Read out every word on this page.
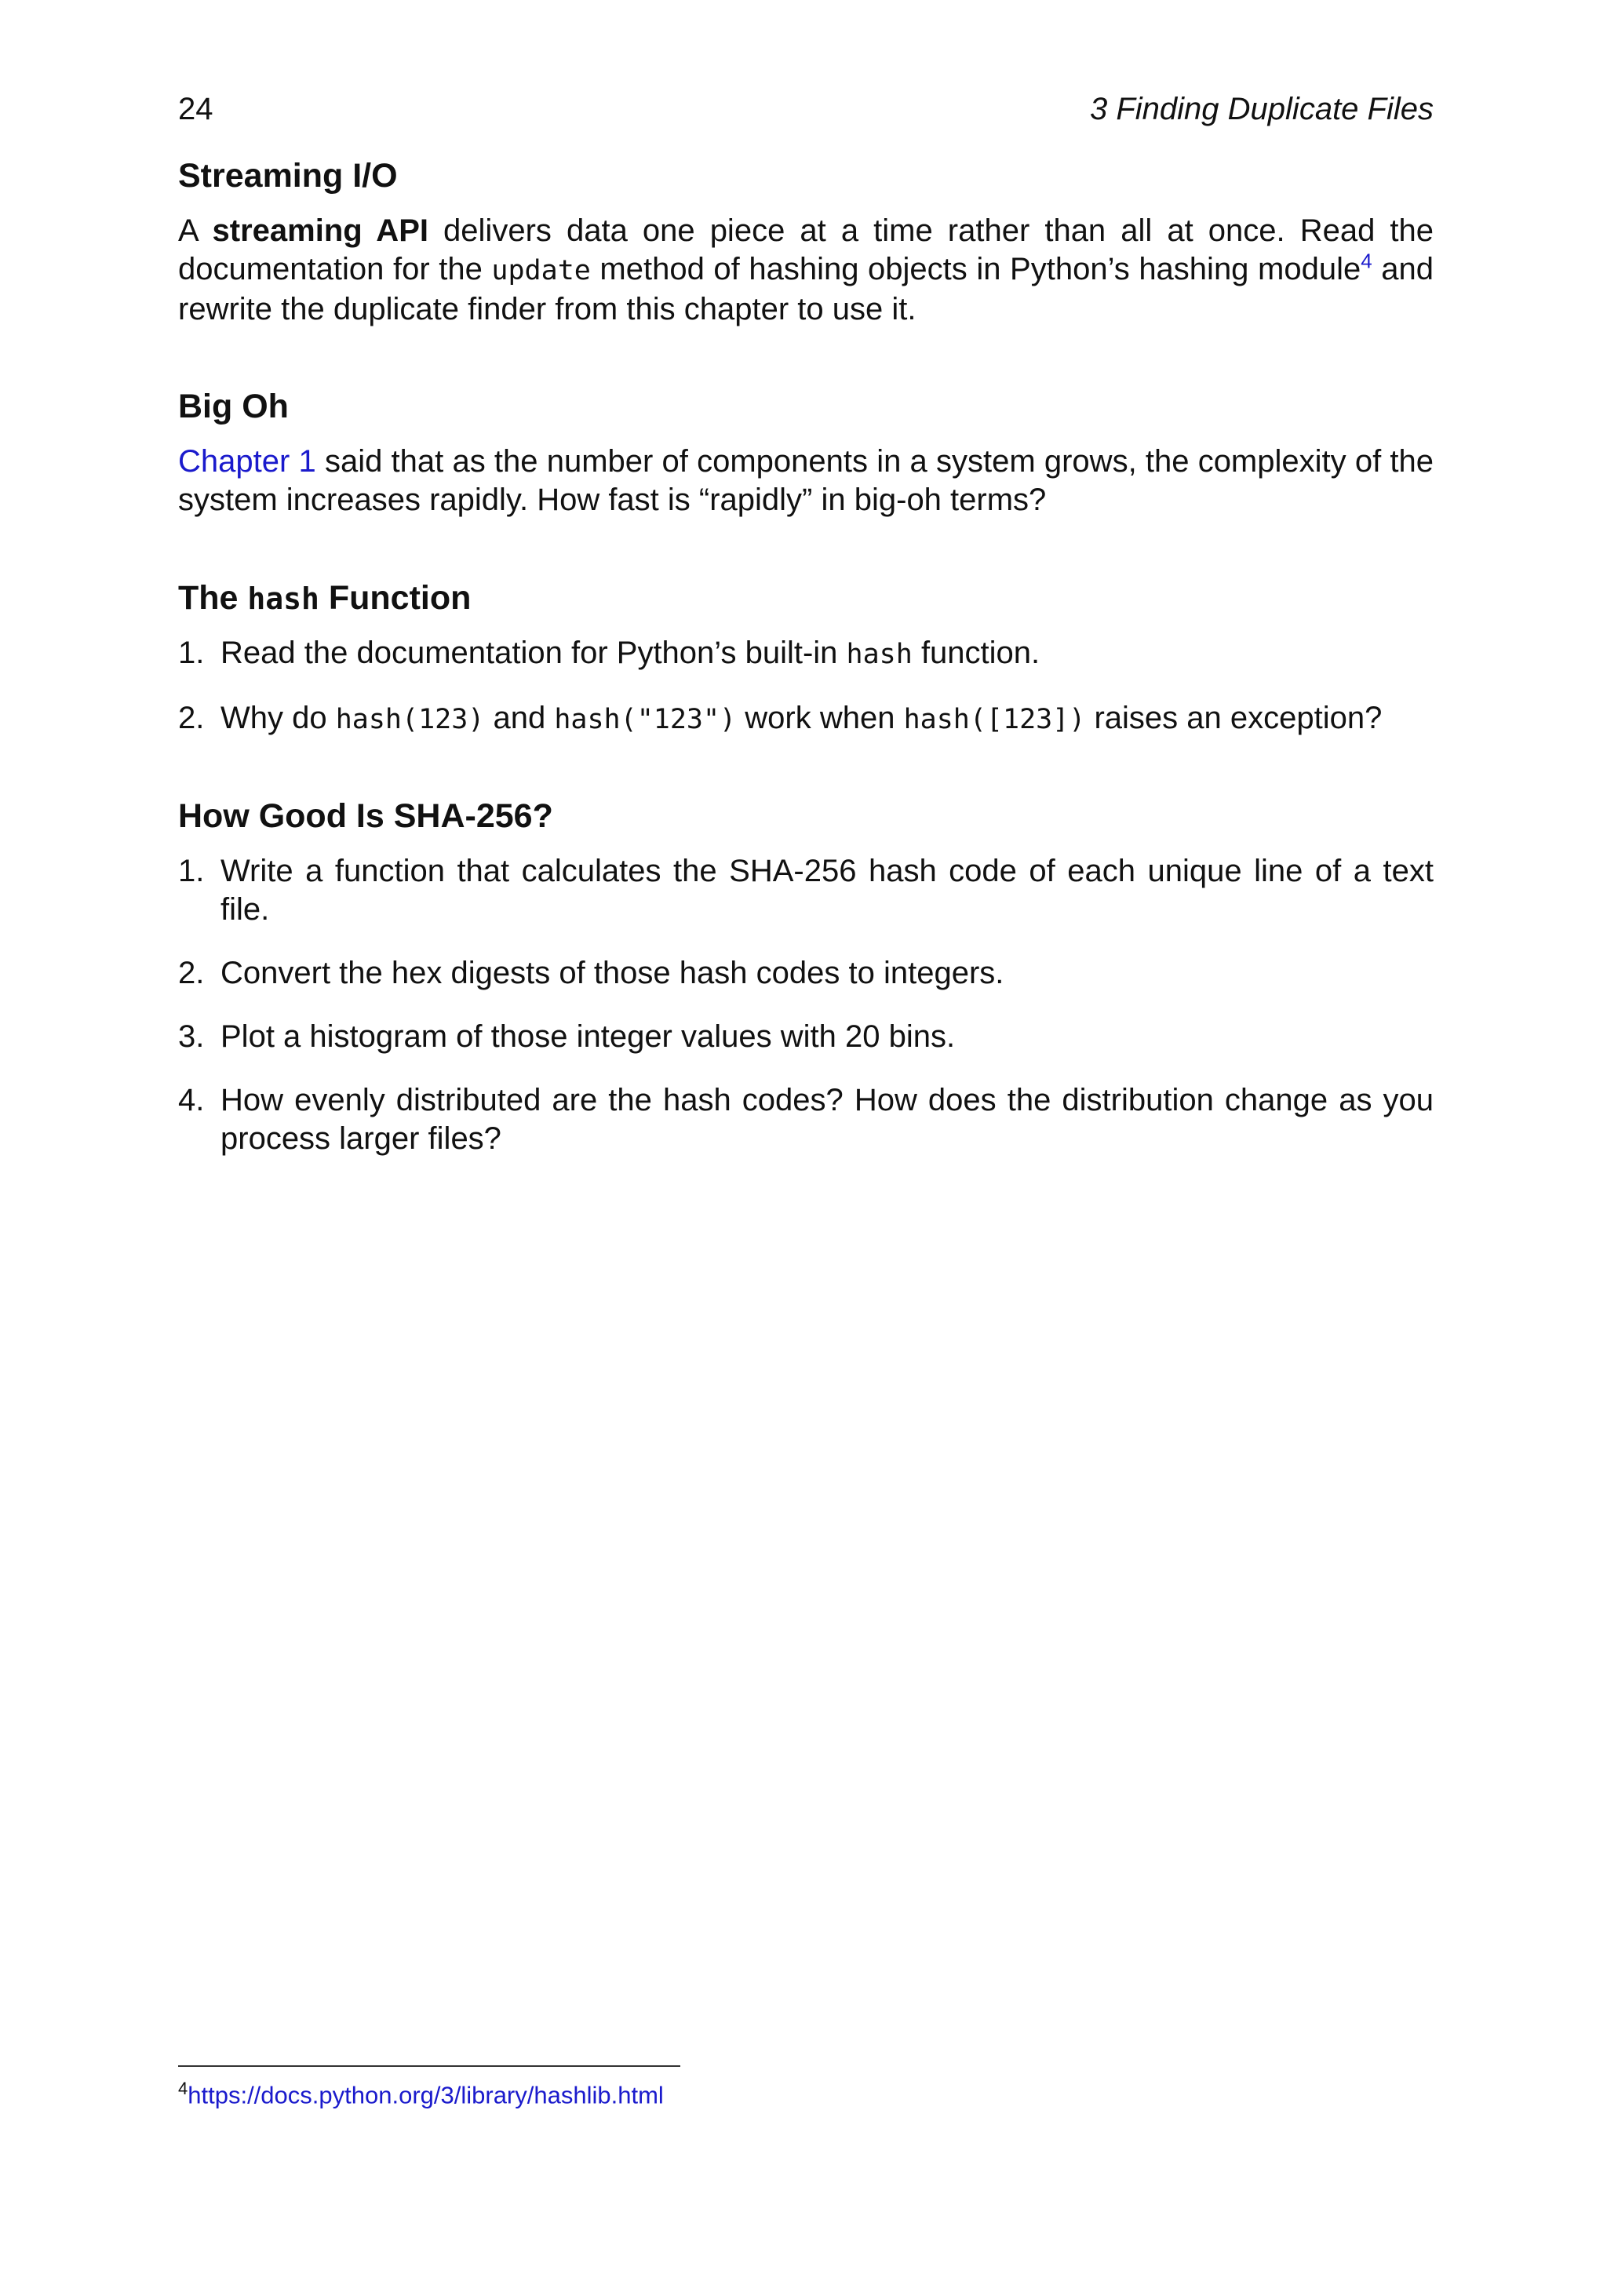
24	3 Finding Duplicate Files
Streaming I/O

A streaming API delivers data one piece at a time rather than all at once. Read the documentation for the update method of hashing objects in Python’s hashing module$^4$ and rewrite the duplicate finder from this chapter to use it.

Big Oh

Chapter 1 said that as the number of components in a system grows, the complexity of the system increases rapidly. How fast is “rapidly” in big-oh terms?

The hash Function
1. Read the documentation for Python’s built-in hash function.
2. Why do hash(123) and hash("123") work when hash([123]) raises an exception?
How Good Is SHA-256?
1. Write a function that calculates the SHA-256 hash code of each unique line of a text file.
2. Convert the hex digests of those hash codes to integers.
3. Plot a histogram of those integer values with 20 bins.
4. How evenly distributed are the hash codes? How does the distribution change as you process larger files?
$^4$https://docs.python.org/3/library/hashlib.html
